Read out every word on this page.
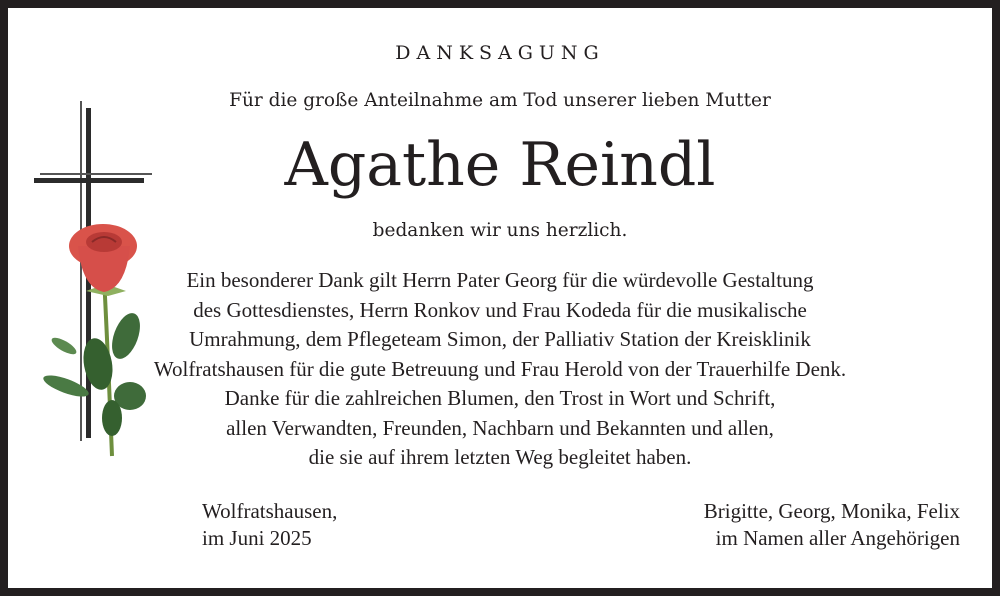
DANKSAGUNG
Für die große Anteilnahme am Tod unserer lieben Mutter
Agathe Reindl
bedanken wir uns herzlich.
Ein besonderer Dank gilt Herrn Pater Georg für die würdevolle Gestaltung
des Gottesdienstes, Herrn Ronkov und Frau Kodeda für die musikalische
Umrahmung, dem Pflegeteam Simon, der Palliativ Station der Kreisklinik
Wolfratshausen für die gute Betreuung und Frau Herold von der Trauerhilfe Denk.
Danke für die zahlreichen Blumen, den Trost in Wort und Schrift,
allen Verwandten, Freunden, Nachbarn und Bekannten und allen,
die sie auf ihrem letzten Weg begleitet haben.
Wolfratshausen,
im Juni 2025
Brigitte, Georg, Monika, Felix
im Namen aller Angehörigen
